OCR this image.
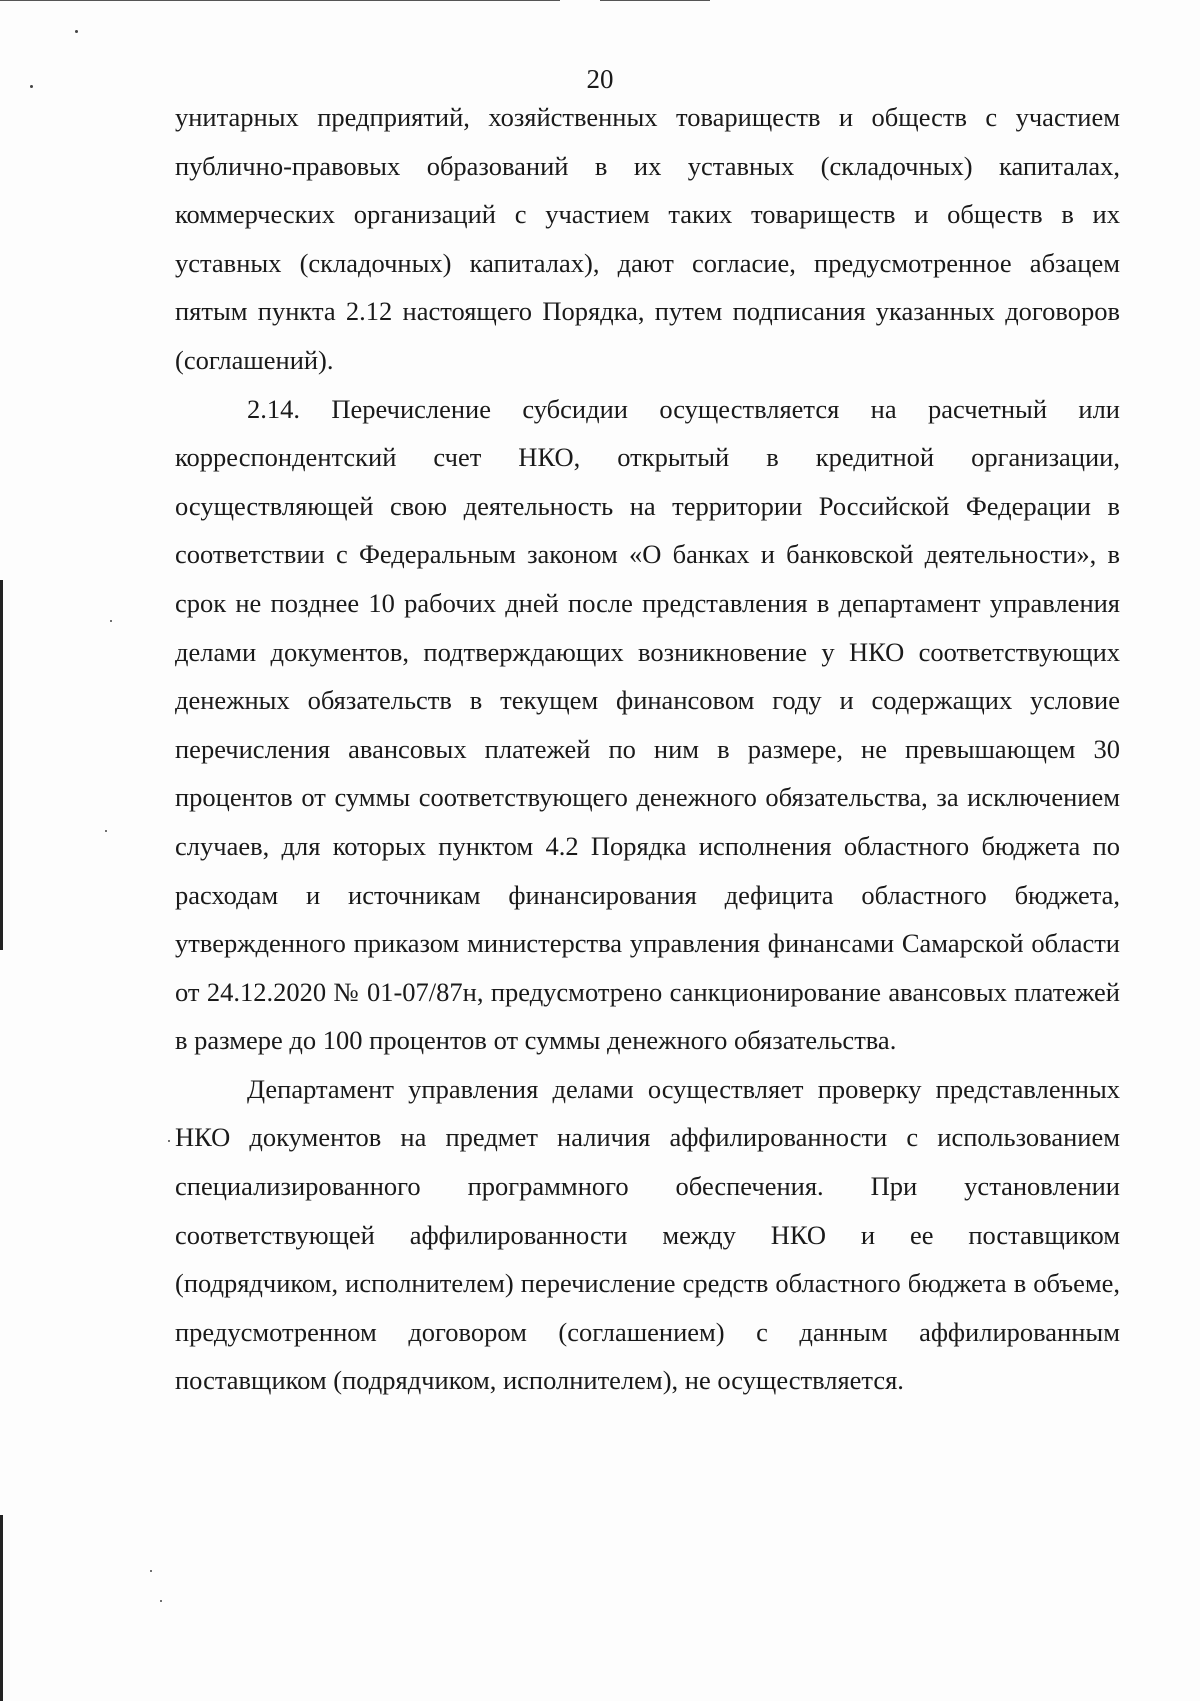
20

унитарных предприятий, хозяйственных товариществ и обществ с участием публично-правовых образований в их уставных (складочных) капиталах, коммерческих организаций с участием таких товариществ и обществ в их уставных (складочных) капиталах), дают согласие, предусмотренное абзацем пятым пункта 2.12 настоящего Порядка, путем подписания указанных договоров (соглашений).

2.14. Перечисление субсидии осуществляется на расчетный или корреспондентский счет НКО, открытый в кредитной организации, осуществляющей свою деятельность на территории Российской Федерации в соответствии с Федеральным законом «О банках и банковской деятельности», в срок не позднее 10 рабочих дней после представления в департамент управления делами документов, подтверждающих возникновение у НКО соответствующих денежных обязательств в текущем финансовом году и содержащих условие перечисления авансовых платежей по ним в размере, не превышающем 30 процентов от суммы соответствующего денежного обязательства, за исключением случаев, для которых пунктом 4.2 Порядка исполнения областного бюджета по расходам и источникам финансирования дефицита областного бюджета, утвержденного приказом министерства управления финансами Самарской области от 24.12.2020 № 01-07/87н, предусмотрено санкционирование авансовых платежей в размере до 100 процентов от суммы денежного обязательства.

Департамент управления делами осуществляет проверку представленных НКО документов на предмет наличия аффилированности с использованием специализированного программного обеспечения. При установлении соответствующей аффилированности между НКО и ее поставщиком (подрядчиком, исполнителем) перечисление средств областного бюджета в объеме, предусмотренном договором (соглашением) с данным аффилированным поставщиком (подрядчиком, исполнителем), не осуществляется.
